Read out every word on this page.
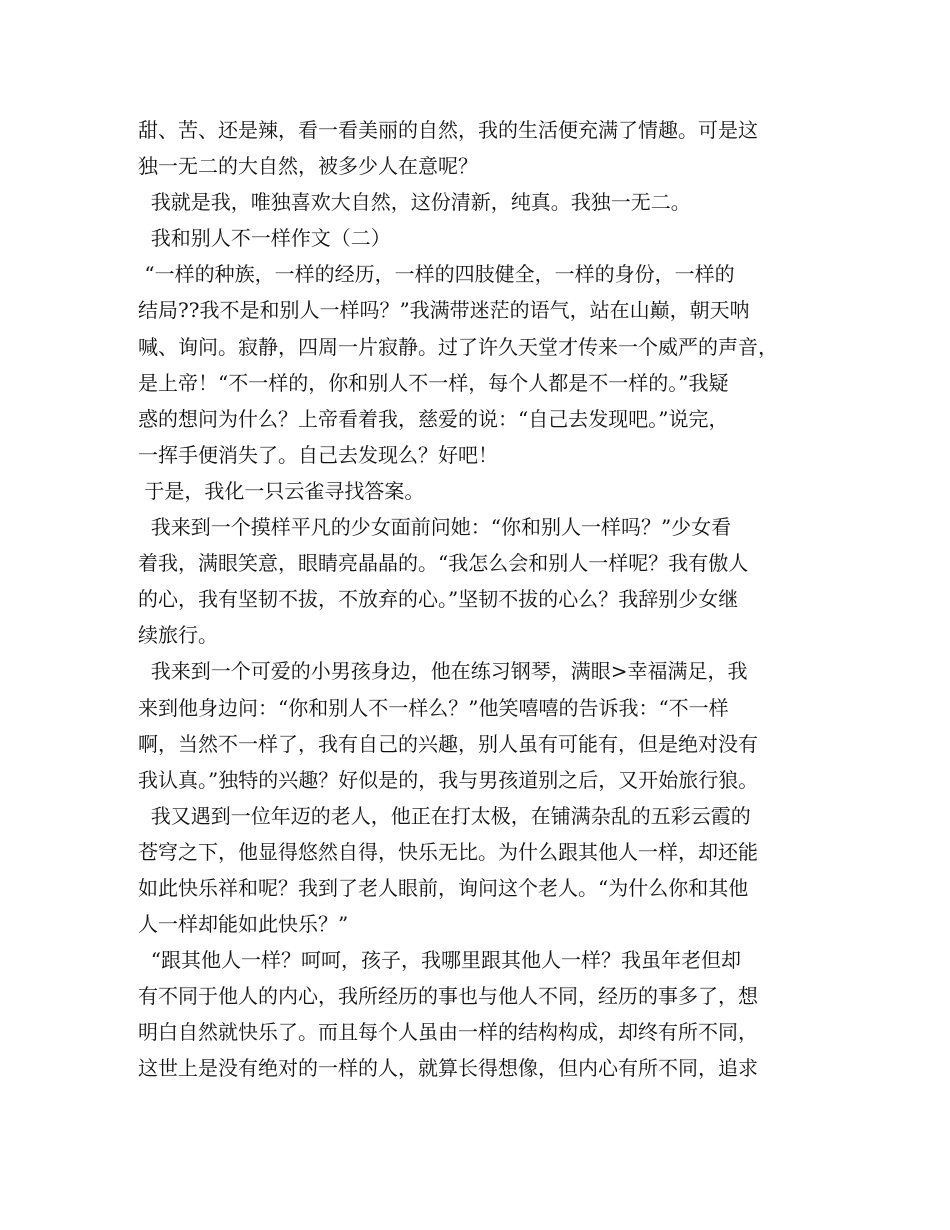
甜、苦、还是辣，看一看美丽的自然，我的生活便充满了情趣。可是这
独一无二的大自然，被多少人在意呢？
我就是我，唯独喜欢大自然，这份清新，纯真。我独一无二。
我和别人不一样作文（二）
“一样的种族，一样的经历，一样的四肢健全，一样的身份，一样的
结局??我不是和别人一样吗？”我满带迷茫的语气，站在山巅，朝天呐
喊、询问。寂静，四周一片寂静。过了许久天堂才传来一个威严的声音，
是上帝！“不一样的，你和别人不一样，每个人都是不一样的。”我疑
惑的想问为什么？上帝看着我，慈爱的说：“自己去发现吧。”说完，
一挥手便消失了。自己去发现么？好吧！
于是，我化一只云雀寻找答案。
我来到一个摸样平凡的少女面前问她：“你和别人一样吗？”少女看
着我，满眼笑意，眼睛亮晶晶的。“我怎么会和别人一样呢？我有傲人
的心，我有坚韧不拔，不放弃的心。”坚韧不拔的心么？我辞别少女继
续旅行。
我来到一个可爱的小男孩身边，他在练习钢琴，满眼>幸福满足，我
来到他身边问：“你和别人不一样么？”他笑嘻嘻的告诉我：“不一样
啊，当然不一样了，我有自己的兴趣，别人虽有可能有，但是绝对没有
我认真。”独特的兴趣？好似是的，我与男孩道别之后，又开始旅行狼。
我又遇到一位年迈的老人，他正在打太极，在铺满杂乱的五彩云霞的
苍穹之下，他显得悠然自得，快乐无比。为什么跟其他人一样，却还能
如此快乐祥和呢？我到了老人眼前，询问这个老人。“为什么你和其他
人一样却能如此快乐？”
“跟其他人一样？呵呵，孩子，我哪里跟其他人一样？我虽年老但却
有不同于他人的内心，我所经历的事也与他人不同，经历的事多了，想
明白自然就快乐了。而且每个人虽由一样的结构构成，却终有所不同，
这世上是没有绝对的一样的人，就算长得想像，但内心有所不同，追求
